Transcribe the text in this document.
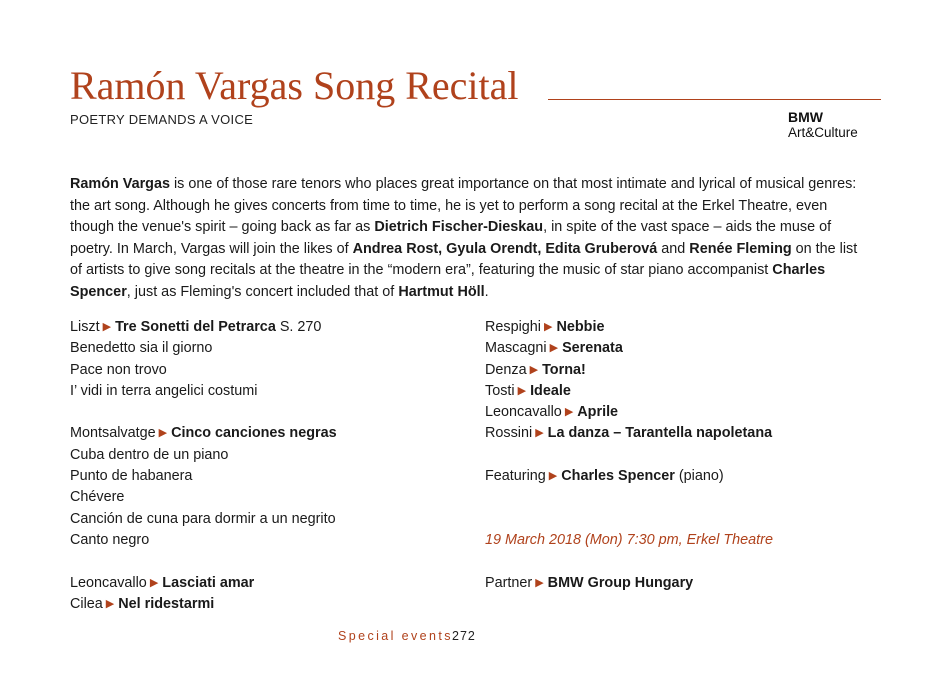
Ramón Vargas Song Recital
POETRY DEMANDS A VOICE	BMW
Art&Culture

Ramón Vargas is one of those rare tenors who places great importance on that most intimate and lyrical of musical genres: the art song. Although he gives concerts from time to time, he is yet to perform a song recital at the Erkel Theatre, even though the venue's spirit – going back as far as Dietrich Fischer-Dieskau, in spite of the vast space – aids the muse of poetry. In March, Vargas will join the likes of Andrea Rost, Gyula Orendt, Edita Gruberová and Renée Fleming on the list of artists to give song recitals at the theatre in the “modern era”, featuring the music of star piano accompanist Charles Spencer, just as Fleming's concert included that of Hartmut Höll.

Liszt ▶ Tre Sonetti del Petrarca S. 270
Benedetto sia il giorno
Pace non trovo
I’ vidi in terra angelici costumi
Montsalvatge ▶ Cinco canciones negras
Cuba dentro de un piano
Punto de habanera
Chévere
Canción de cuna para dormir a un negrito
Canto negro
Leoncavallo ▶ Lasciati amar
Cilea ▶ Nel ridestarmi
Respighi ▶ Nebbie
Mascagni ▶ Serenata
Denza ▶ Torna!
Tosti ▶ Ideale
Leoncavallo ▶ Aprile
Rossini ▶ La danza – Tarantella napoletana
Featuring ▶ Charles Spencer (piano)
19 March 2018 (Mon) 7:30 pm, Erkel Theatre
Partner ▶ BMW Group Hungary
Special events 272
